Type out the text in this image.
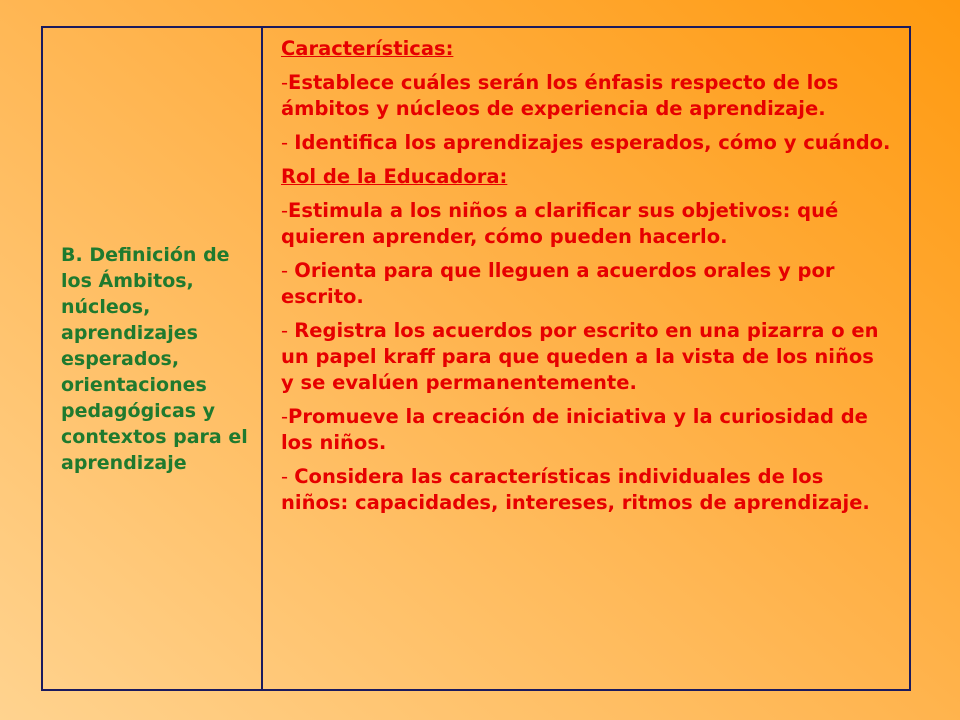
B. Definición de los Ámbitos, núcleos, aprendizajes esperados, orientaciones pedagógicas y contextos para el aprendizaje

Características:

-Establece cuáles serán los énfasis respecto de los ámbitos y núcleos de experiencia de aprendizaje.

- Identifica los aprendizajes esperados, cómo y cuándo.

Rol de la Educadora:

-Estimula a los niños a clarificar sus objetivos: qué quieren aprender, cómo pueden hacerlo.

- Orienta para que lleguen a acuerdos orales y por escrito.

- Registra los acuerdos por escrito en una pizarra o en un papel kraff para que queden a la vista de los niños y se evalúen permanentemente.

-Promueve la creación de iniciativa y la curiosidad de los niños.

- Considera las características individuales de los niños: capacidades, intereses, ritmos de aprendizaje.
